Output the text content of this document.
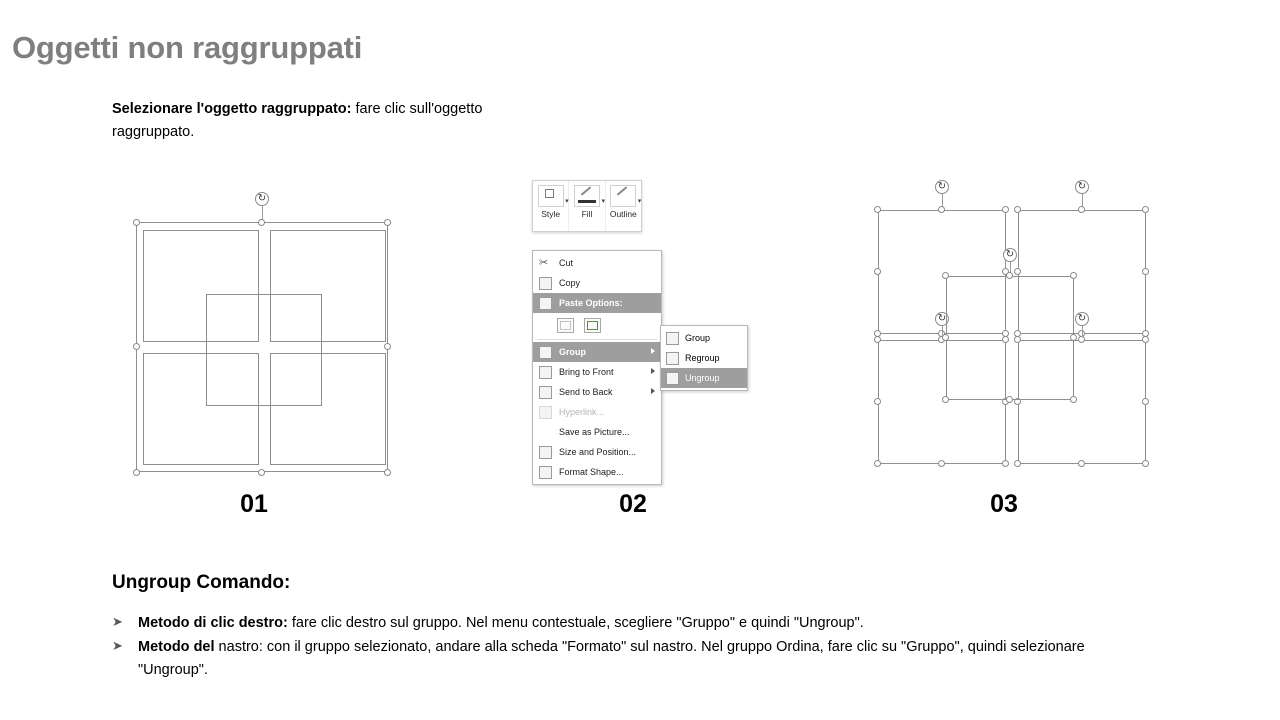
Oggetti non raggruppati
Selezionare l'oggetto raggruppato: fare clic sull'oggetto raggruppato.
↻
01
▾
Style
▾
Fill
▾
Outline
✂	Cut
Copy
Paste Options:
Group
Bring to Front
Send to Back
Hyperlink...
Save as Picture...
Size and Position...
Format Shape...
Group
Regroup
Ungroup
02
↻	↻
↻	↻
↻
03
Ungroup Comando:
➤ Metodo di clic destro: fare clic destro sul gruppo. Nel menu contestuale, scegliere "Gruppo" e quindi "Ungroup".
➤ Metodo del nastro: con il gruppo selezionato, andare alla scheda "Formato" sul nastro. Nel gruppo Ordina, fare clic su "Gruppo", quindi selezionare "Ungroup".
